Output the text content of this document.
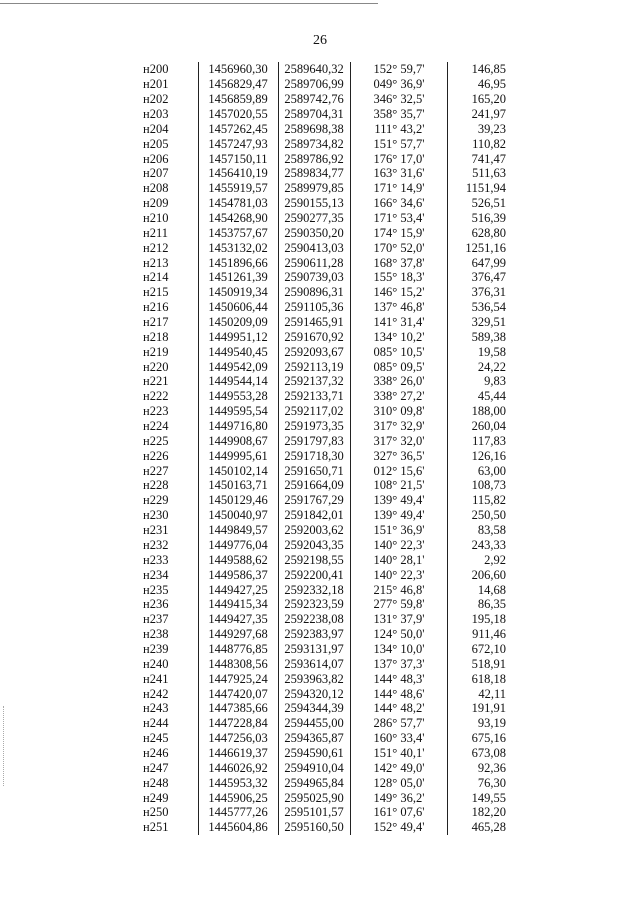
26
н200	1456960,30	2589640,32	152° 59,7'	146,85
н201	1456829,47	2589706,99	049° 36,9'	46,95
н202	1456859,89	2589742,76	346° 32,5'	165,20
н203	1457020,55	2589704,31	358° 35,7'	241,97
н204	1457262,45	2589698,38	111° 43,2'	39,23
н205	1457247,93	2589734,82	151° 57,7'	110,82
н206	1457150,11	2589786,92	176° 17,0'	741,47
н207	1456410,19	2589834,77	163° 31,6'	511,63
н208	1455919,57	2589979,85	171° 14,9'	1151,94
н209	1454781,03	2590155,13	166° 34,6'	526,51
н210	1454268,90	2590277,35	171° 53,4'	516,39
н211	1453757,67	2590350,20	174° 15,9'	628,80
н212	1453132,02	2590413,03	170° 52,0'	1251,16
н213	1451896,66	2590611,28	168° 37,8'	647,99
н214	1451261,39	2590739,03	155° 18,3'	376,47
н215	1450919,34	2590896,31	146° 15,2'	376,31
н216	1450606,44	2591105,36	137° 46,8'	536,54
н217	1450209,09	2591465,91	141° 31,4'	329,51
н218	1449951,12	2591670,92	134° 10,2'	589,38
н219	1449540,45	2592093,67	085° 10,5'	19,58
н220	1449542,09	2592113,19	085° 09,5'	24,22
н221	1449544,14	2592137,32	338° 26,0'	9,83
н222	1449553,28	2592133,71	338° 27,2'	45,44
н223	1449595,54	2592117,02	310° 09,8'	188,00
н224	1449716,80	2591973,35	317° 32,9'	260,04
н225	1449908,67	2591797,83	317° 32,0'	117,83
н226	1449995,61	2591718,30	327° 36,5'	126,16
н227	1450102,14	2591650,71	012° 15,6'	63,00
н228	1450163,71	2591664,09	108° 21,5'	108,73
н229	1450129,46	2591767,29	139° 49,4'	115,82
н230	1450040,97	2591842,01	139° 49,4'	250,50
н231	1449849,57	2592003,62	151° 36,9'	83,58
н232	1449776,04	2592043,35	140° 22,3'	243,33
н233	1449588,62	2592198,55	140° 28,1'	2,92
н234	1449586,37	2592200,41	140° 22,3'	206,60
н235	1449427,25	2592332,18	215° 46,8'	14,68
н236	1449415,34	2592323,59	277° 59,8'	86,35
н237	1449427,35	2592238,08	131° 37,9'	195,18
н238	1449297,68	2592383,97	124° 50,0'	911,46
н239	1448776,85	2593131,97	134° 10,0'	672,10
н240	1448308,56	2593614,07	137° 37,3'	518,91
н241	1447925,24	2593963,82	144° 48,3'	618,18
н242	1447420,07	2594320,12	144° 48,6'	42,11
н243	1447385,66	2594344,39	144° 48,2'	191,91
н244	1447228,84	2594455,00	286° 57,7'	93,19
н245	1447256,03	2594365,87	160° 33,4'	675,16
н246	1446619,37	2594590,61	151° 40,1'	673,08
н247	1446026,92	2594910,04	142° 49,0'	92,36
н248	1445953,32	2594965,84	128° 05,0'	76,30
н249	1445906,25	2595025,90	149° 36,2'	149,55
н250	1445777,26	2595101,57	161° 07,6'	182,20
н251	1445604,86	2595160,50	152° 49,4'	465,28
